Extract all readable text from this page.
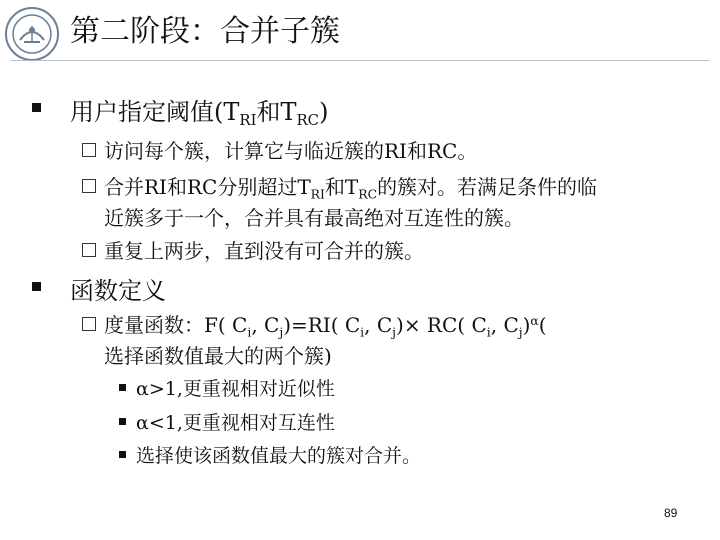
第二阶段：合并子簇
用户指定阈值($T_{RI}$和$T_{RC}$)
访问每个簇，计算它与临近簇的RI和RC。
合并RI和RC分别超过$T_{RI}$和$T_{RC}$的簇对。若满足条件的临
近簇多于一个，合并具有最高绝对互连性的簇。
重复上两步，直到没有可合并的簇。
函数定义
度量函数：F( $C_i$, $C_j)=RI$( $C_i$, $C_j)\times RC$( $C_i$, $C_j)^\alpha$(
选择函数值最大的两个簇)
α>1,更重视相对近似性
α<1,更重视相对互连性
选择使该函数值最大的簇对合并。
89
